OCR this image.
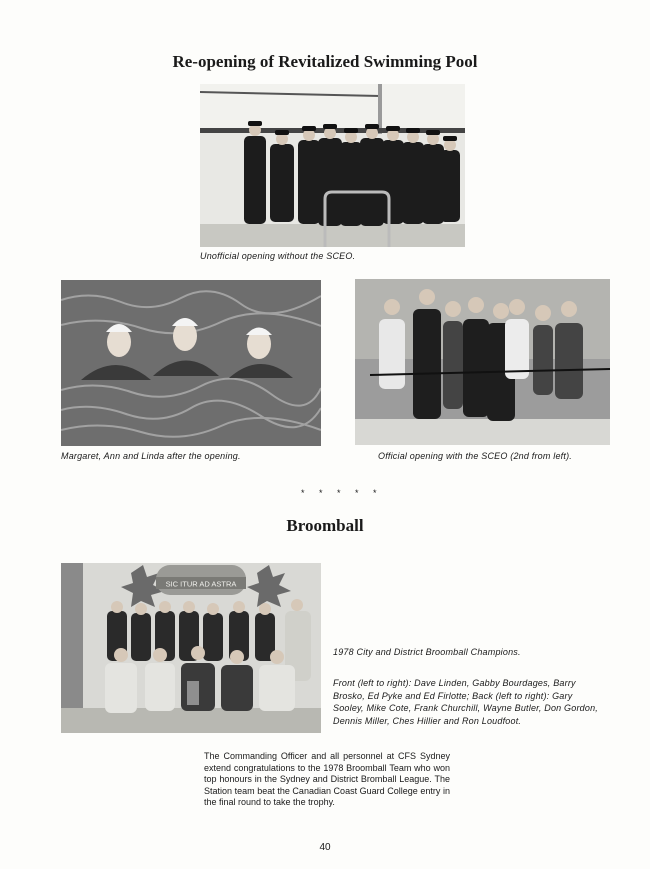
Re-opening of Revitalized Swimming Pool
Unofficial opening without the SCEO.
Margaret, Ann and Linda after the opening.	Official opening with the SCEO (2nd from left).
* * * * *
Broomball
SIC ITUR AD ASTRA
1978 City and District Broomball Champions.
Front (left to right): Dave Linden, Gabby Bourdages, Barry Brosko, Ed Pyke and Ed Firlotte; Back (left to right): Gary Sooley, Mike Cote, Frank Churchill, Wayne Butler, Don Gordon, Dennis Miller, Ches Hillier and Ron Loudfoot.
The Commanding Officer and all personnel at CFS Sydney extend congratulations to the 1978 Broomball Team who won top honours in the Sydney and District Bromball League. The Station team beat the Canadian Coast Guard College entry in the final round to take the trophy.
40
